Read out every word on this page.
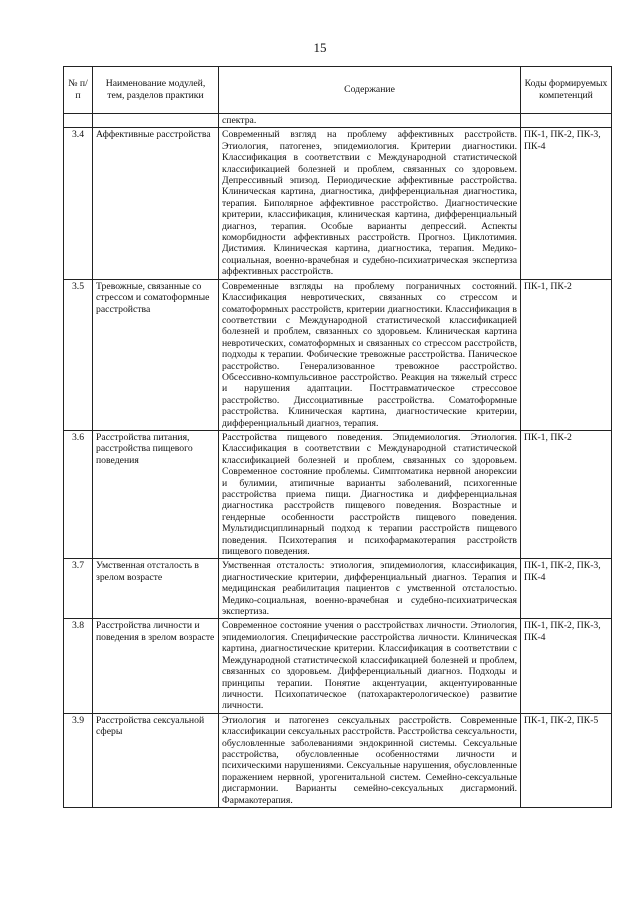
15
№ п/п	Наименование модулей, тем, разделов практики	Содержание	Коды формируемых компетенций
		спектра.	
3.4	Аффективные расстройства	Современный взгляд на проблему аффективных расстройств. Этиология, патогенез, эпидемиология. Критерии диагностики. Классификация в соответствии с Международной статистической классификацией болезней и проблем, связанных со здоровьем. Депрессивный эпизод. Периодические аффективные расстройства. Клиническая картина, диагностика, дифференциальная диагностика, терапия. Биполярное аффективное расстройство. Диагностические критерии, классификация, клиническая картина, дифференциальный диагноз, терапия. Особые варианты депрессий. Аспекты коморбидности аффективных расстройств. Прогноз. Циклотимия. Дистимия. Клиническая картина, диагностика, терапия. Медико-социальная, военно-врачебная и судебно-психиатрическая экспертиза аффективных расстройств.	ПК-1, ПК-2, ПК-3, ПК-4
3.5	Тревожные, связанные со стрессом и соматоформные расстройства	Современные взгляды на проблему пограничных состояний. Классификация невротических, связанных со стрессом и соматоформных расстройств, критерии диагностики. Классификация в соответствии с Международной статистической классификацией болезней и проблем, связанных со здоровьем. Клиническая картина невротических, соматоформных и связанных со стрессом расстройств, подходы к терапии. Фобические тревожные расстройства. Паническое расстройство. Генерализованное тревожное расстройство. Обсессивно-компульсивное расстройство. Реакция на тяжелый стресс и нарушения адаптации. Посттравматическое стрессовое расстройство. Диссоциативные расстройства. Соматоформные расстройства. Клиническая картина, диагностические критерии, дифференциальный диагноз, терапия.	ПК-1, ПК-2
3.6	Расстройства питания, расстройства пищевого поведения	Расстройства пищевого поведения. Эпидемиология. Этиология. Классификация в соответствии с Международной статистической классификацией болезней и проблем, связанных со здоровьем. Современное состояние проблемы. Симптоматика нервной анорексии и булимии, атипичные варианты заболеваний, психогенные расстройства приема пищи. Диагностика и дифференциальная диагностика расстройств пищевого поведения. Возрастные и гендерные особенности расстройств пищевого поведения. Мультидисциплинарный подход к терапии расстройств пищевого поведения. Психотерапия и психофармакотерапия расстройств пищевого поведения.	ПК-1, ПК-2
3.7	Умственная отсталость в зрелом возрасте	Умственная отсталость: этиология, эпидемиология, классификация, диагностические критерии, дифференциальный диагноз. Терапия и медицинская реабилитация пациентов с умственной отсталостью. Медико-социальная, военно-врачебная и судебно-психиатрическая экспертиза.	ПК-1, ПК-2, ПК-3, ПК-4
3.8	Расстройства личности и поведения в зрелом возрасте	Современное состояние учения о расстройствах личности. Этиология, эпидемиология. Специфические расстройства личности. Клиническая картина, диагностические критерии. Классификация в соответствии с Международной статистической классификацией болезней и проблем, связанных со здоровьем. Дифференциальный диагноз. Подходы и принципы терапии. Понятие акцентуации, акцентуированные личности. Психопатическое (патохарактерологическое) развитие личности.	ПК-1, ПК-2, ПК-3, ПК-4
3.9	Расстройства сексуальной сферы	Этиология и патогенез сексуальных расстройств. Современные классификации сексуальных расстройств. Расстройства сексуальности, обусловленные заболеваниями эндокринной системы. Сексуальные расстройства, обусловленные особенностями личности и психическими нарушениями. Сексуальные нарушения, обусловленные поражением нервной, урогенитальной систем. Семейно-сексуальные дисгармонии. Варианты семейно-сексуальных дисгармоний. Фармакотерапия.	ПК-1, ПК-2, ПК-5
